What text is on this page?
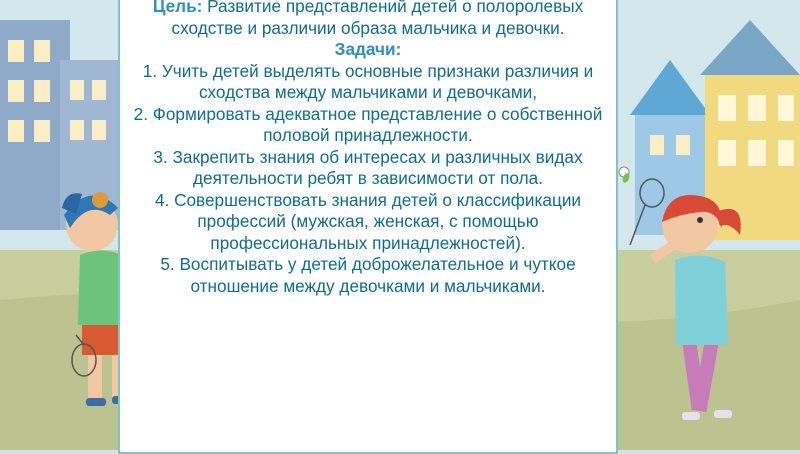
Цель: Развитие представлений детей о полоролевых сходстве и различии образа мальчика и девочки.

Задачи:

1. Учить детей выделять основные признаки различия и сходства между мальчиками и девочками,

2. Формировать адекватное представление о собственной половой принадлежности.

3. Закрепить знания об интересах и различных видах деятельности ребят в зависимости от пола.

4. Совершенствовать знания детей о классификации профессий (мужская, женская, с помощью профессиональных принадлежностей).

5. Воспитывать у детей доброжелательное и чуткое отношение между девочками и мальчиками.
